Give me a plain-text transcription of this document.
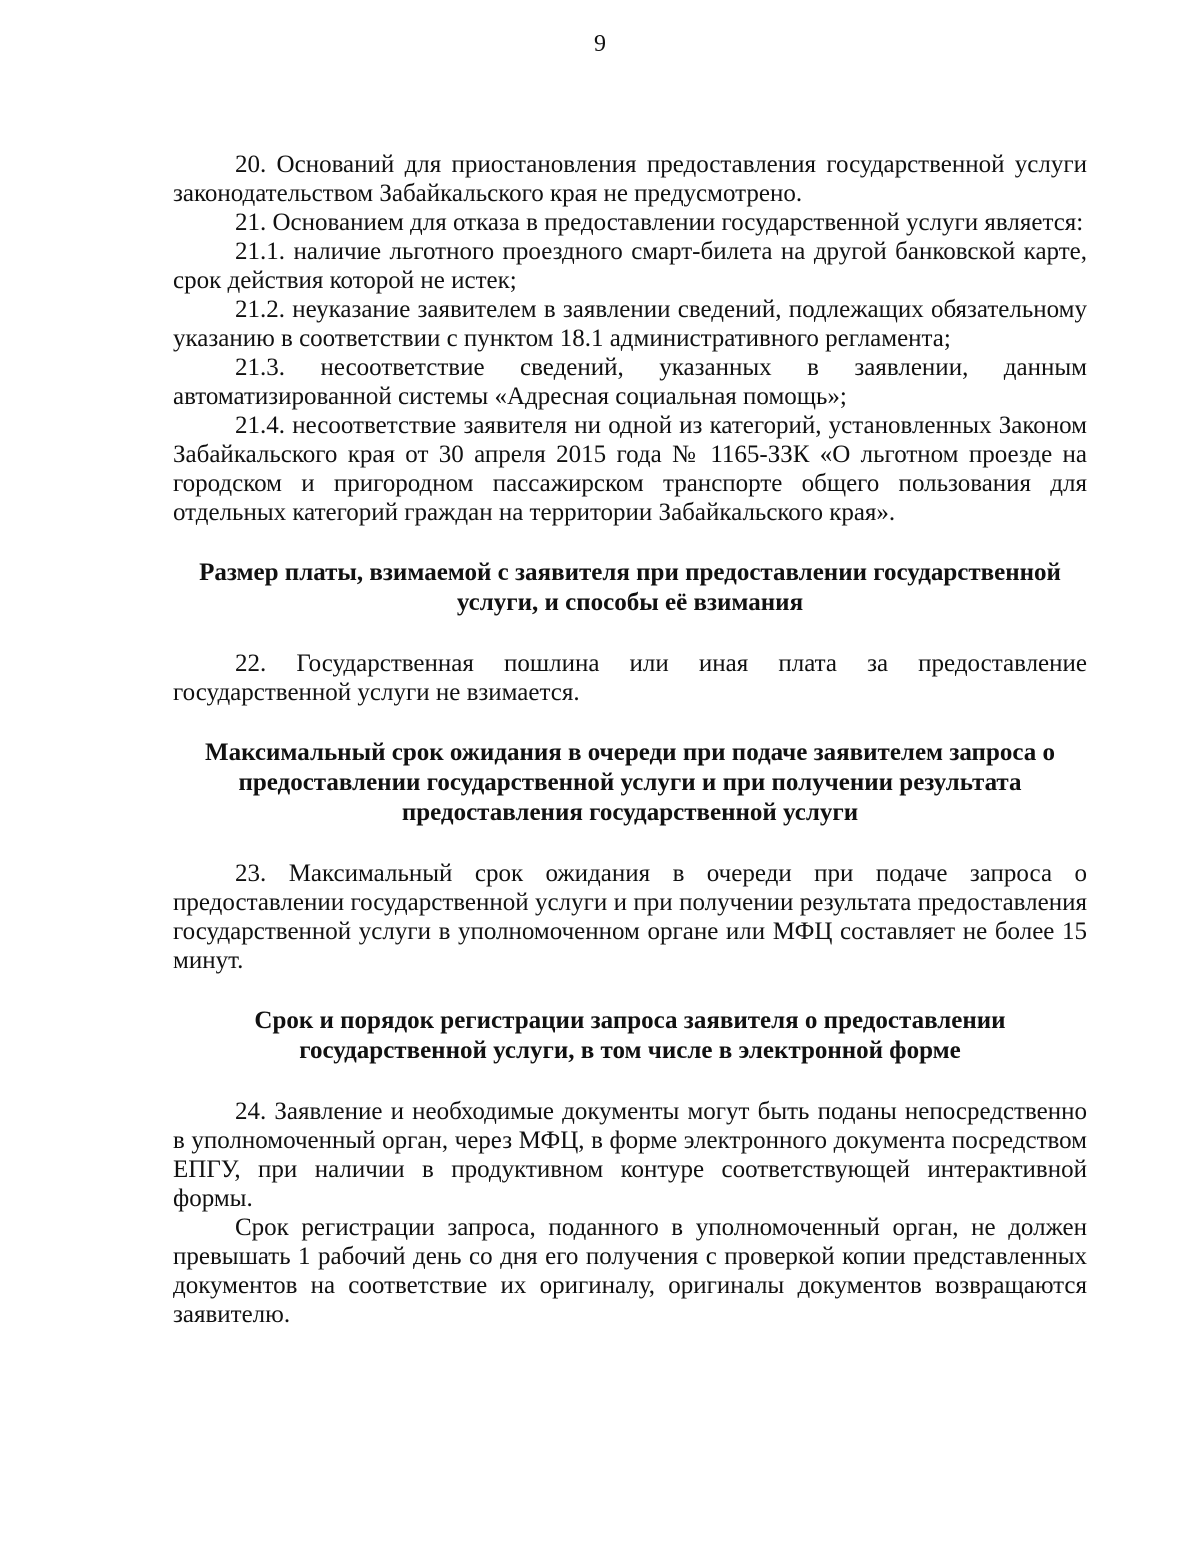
9

20. Оснований для приостановления предоставления государственной услуги законодательством Забайкальского края не предусмотрено.

21. Основанием для отказа в предоставлении государственной услуги является:

21.1. наличие льготного проездного смарт-билета на другой банковской карте, срок действия которой не истек;

21.2. неуказание заявителем в заявлении сведений, подлежащих обязательному указанию в соответствии с пунктом 18.1 административного регламента;

21.3. несоответствие сведений, указанных в заявлении, данным автоматизированной системы «Адресная социальная помощь»;

21.4. несоответствие заявителя ни одной из категорий, установленных Законом Забайкальского края от 30 апреля 2015 года № 1165-ЗЗК «О льготном проезде на городском и пригородном пассажирском транспорте общего пользования для отдельных категорий граждан на территории Забайкальского края».

Размер платы, взимаемой с заявителя при предоставлении государственной услуги, и способы её взимания

22. Государственная пошлина или иная плата за предоставление государственной услуги не взимается.

Максимальный срок ожидания в очереди при подаче заявителем запроса о предоставлении государственной услуги и при получении результата предоставления государственной услуги

23. Максимальный срок ожидания в очереди при подаче запроса о предоставлении государственной услуги и при получении результата предоставления государственной услуги в уполномоченном органе или МФЦ составляет не более 15 минут.

Срок и порядок регистрации запроса заявителя о предоставлении государственной услуги, в том числе в электронной форме

24. Заявление и необходимые документы могут быть поданы непосредственно в уполномоченный орган, через МФЦ, в форме электронного документа посредством ЕПГУ, при наличии в продуктивном контуре соответствующей интерактивной формы.

Срок регистрации запроса, поданного в уполномоченный орган, не должен превышать 1 рабочий день со дня его получения с проверкой копии представленных документов на соответствие их оригиналу, оригиналы документов возвращаются заявителю.
